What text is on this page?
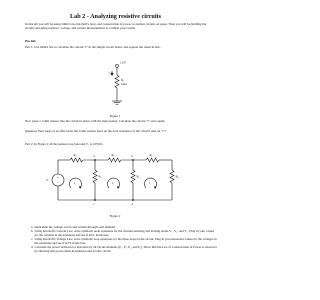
Lab 2 - Analyzing resistive circuits

In this lab you will be using Ohm's law, Kirchoff's laws, and conservation of power to analyze circuits on paper. Then you will be building the circuits and using resistors, voltage, and current measurements to confirm your results.

Pre-lab:

Part 1: Use Ohm's law to calculate the current "i" in the simple circuit below and express the result in mA.

12V
i
R₁
1kΩ
Figure 1

Now place a 1ohm resistor into the circuit in series with the 1kΩ resistor. Calculate the current "i" once again.

Question: How large of an effect does the 1ohm resistor have on the total resistance of the circuit? And on "i"?

Part 2: In Figure 2 all the resistors are 1kΩ and V₁ is 10VDC.

+
−
V₁
R₁	R₃	R₅
R₂	R₄	R₆
a	b
c	d
i₁	i₂	i₃
Figure 2
a. Determine the voltage across and current through each element.
b. Using Kirchoff's Current Law, write symbolic node equations for the currents entering and leaving nodes V₁, V₂, and V₃. Plug in your values for the currents in the equations and see if KCL holds true.
c. Using Kirchoff's Voltage Law, write symbolic loop equations for the three loops in the circuit. Plug in your measured values for the voltages in the equations and see if KVL holds true.
d. Calculate the power delivered or absorbed by all circuit elements (P₁, P₂, P₃, and P₄). Show that the Law of Conservation of Power is observed by showing that power sums in sinusoid state for the circuit.
